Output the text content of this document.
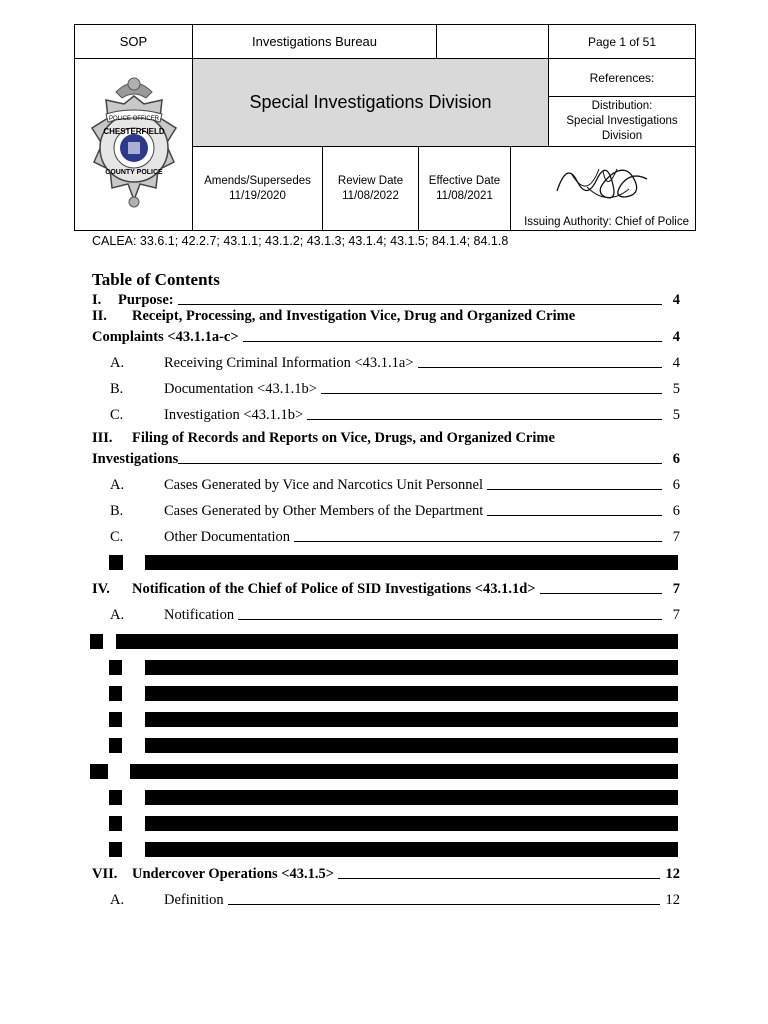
SOP	Investigations Bureau	Page 1 of 51
POLICE OFFICER
CHESTERFIELD
COUNTY POLICE
Special Investigations Division
References:
Distribution:
Special Investigations
Division
Amends/Supersedes
11/19/2020
Review Date
11/08/2022
Effective Date
11/08/2021
Issuing Authority: Chief of Police
CALEA: 33.6.1; 42.2.7; 43.1.1; 43.1.2; 43.1.3; 43.1.4; 43.1.5; 84.1.4; 84.1.8
Table of Contents
I.	Purpose:	4
II. Receipt, Processing, and Investigation Vice, Drug and Organized Crime
Complaints <43.1.1a-c>	4
A.	Receiving Criminal Information <43.1.1a>	4
B.	Documentation <43.1.1b>	5
C.	Investigation <43.1.1b>	5
III. Filing of Records and Reports on Vice, Drugs, and Organized Crime
Investigations	6
A.	Cases Generated by Vice and Narcotics Unit Personnel	6
B.	Cases Generated by Other Members of the Department	6
C.	Other Documentation	7
IV.	Notification of the Chief of Police of SID Investigations <43.1.1d>	7
A.	Notification	7
VII.	Undercover Operations <43.1.5>	12
A.	Definition	12
